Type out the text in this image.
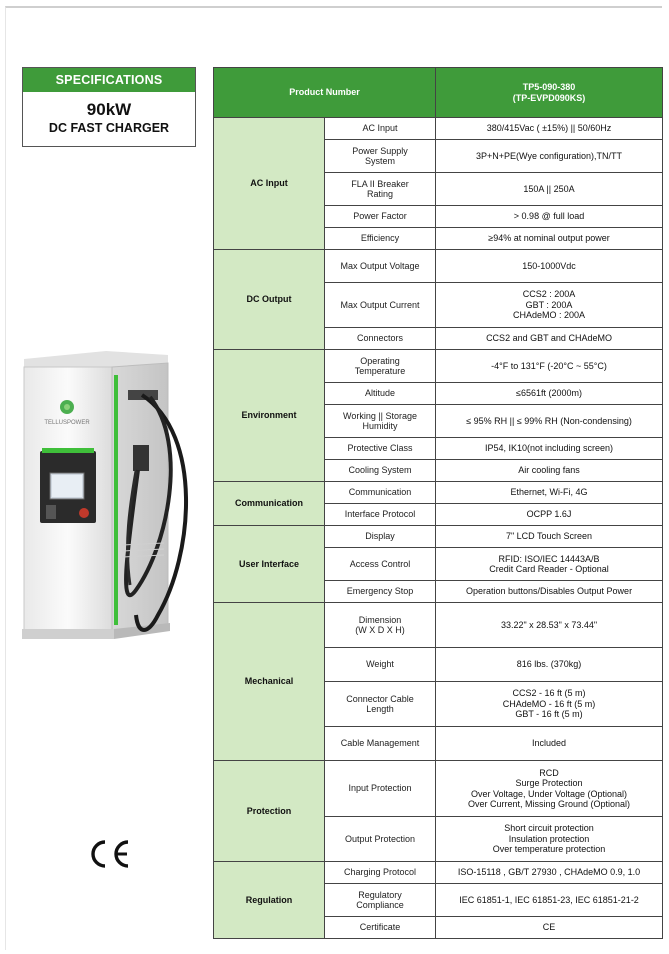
SPECIFICATIONS
90kW
DC FAST CHARGER
TELLUSPOWER
Product Number		TP5-090-380
(TP-EVPD090KS)
AC Input	AC Input	380/415Vac ( ±15%) || 50/60Hz
	Power Supply
System	3P+N+PE(Wye configuration),TN/TT
	FLA II Breaker
Rating	150A || 250A
	Power Factor	> 0.98 @ full load
	Efficiency	≥94% at nominal output power
DC Output	Max Output Voltage	150-1000Vdc
	Max Output Current	CCS2 : 200A
GBT : 200A
CHAdeMO : 200A
	Connectors	CCS2 and GBT and CHAdeMO
Environment	Operating
Temperature	-4°F to 131°F (-20°C ~ 55°C)
	Altitude	≤6561ft (2000m)
	Working || Storage
Humidity	≤ 95% RH || ≤ 99% RH (Non-condensing)
	Protective Class	IP54, IK10(not including screen)
	Cooling System	Air cooling fans
Communication	Communication	Ethernet, Wi-Fi, 4G
	Interface Protocol	OCPP 1.6J
User Interface	Display	7" LCD Touch Screen
	Access Control	RFID: ISO/IEC 14443A/B
Credit Card Reader - Optional
	Emergency Stop	Operation buttons/Disables Output Power
Mechanical	Dimension
(W X D X H)	33.22" x 28.53" x 73.44"
	Weight	816 lbs. (370kg)
	Connector Cable
Length	CCS2 - 16 ft (5 m)
CHAdeMO - 16 ft (5 m)
GBT - 16 ft (5 m)
	Cable Management	Included
Protection	Input Protection	RCD
Surge Protection
Over Voltage, Under Voltage (Optional)
Over Current, Missing Ground (Optional)
	Output Protection	Short circuit protection
Insulation protection
Over temperature protection
Regulation	Charging Protocol	ISO-15118 , GB/T 27930 , CHAdeMO 0.9, 1.0
	Regulatory
Compliance	IEC 61851-1, IEC 61851-23, IEC 61851-21-2
	Certificate	CE
